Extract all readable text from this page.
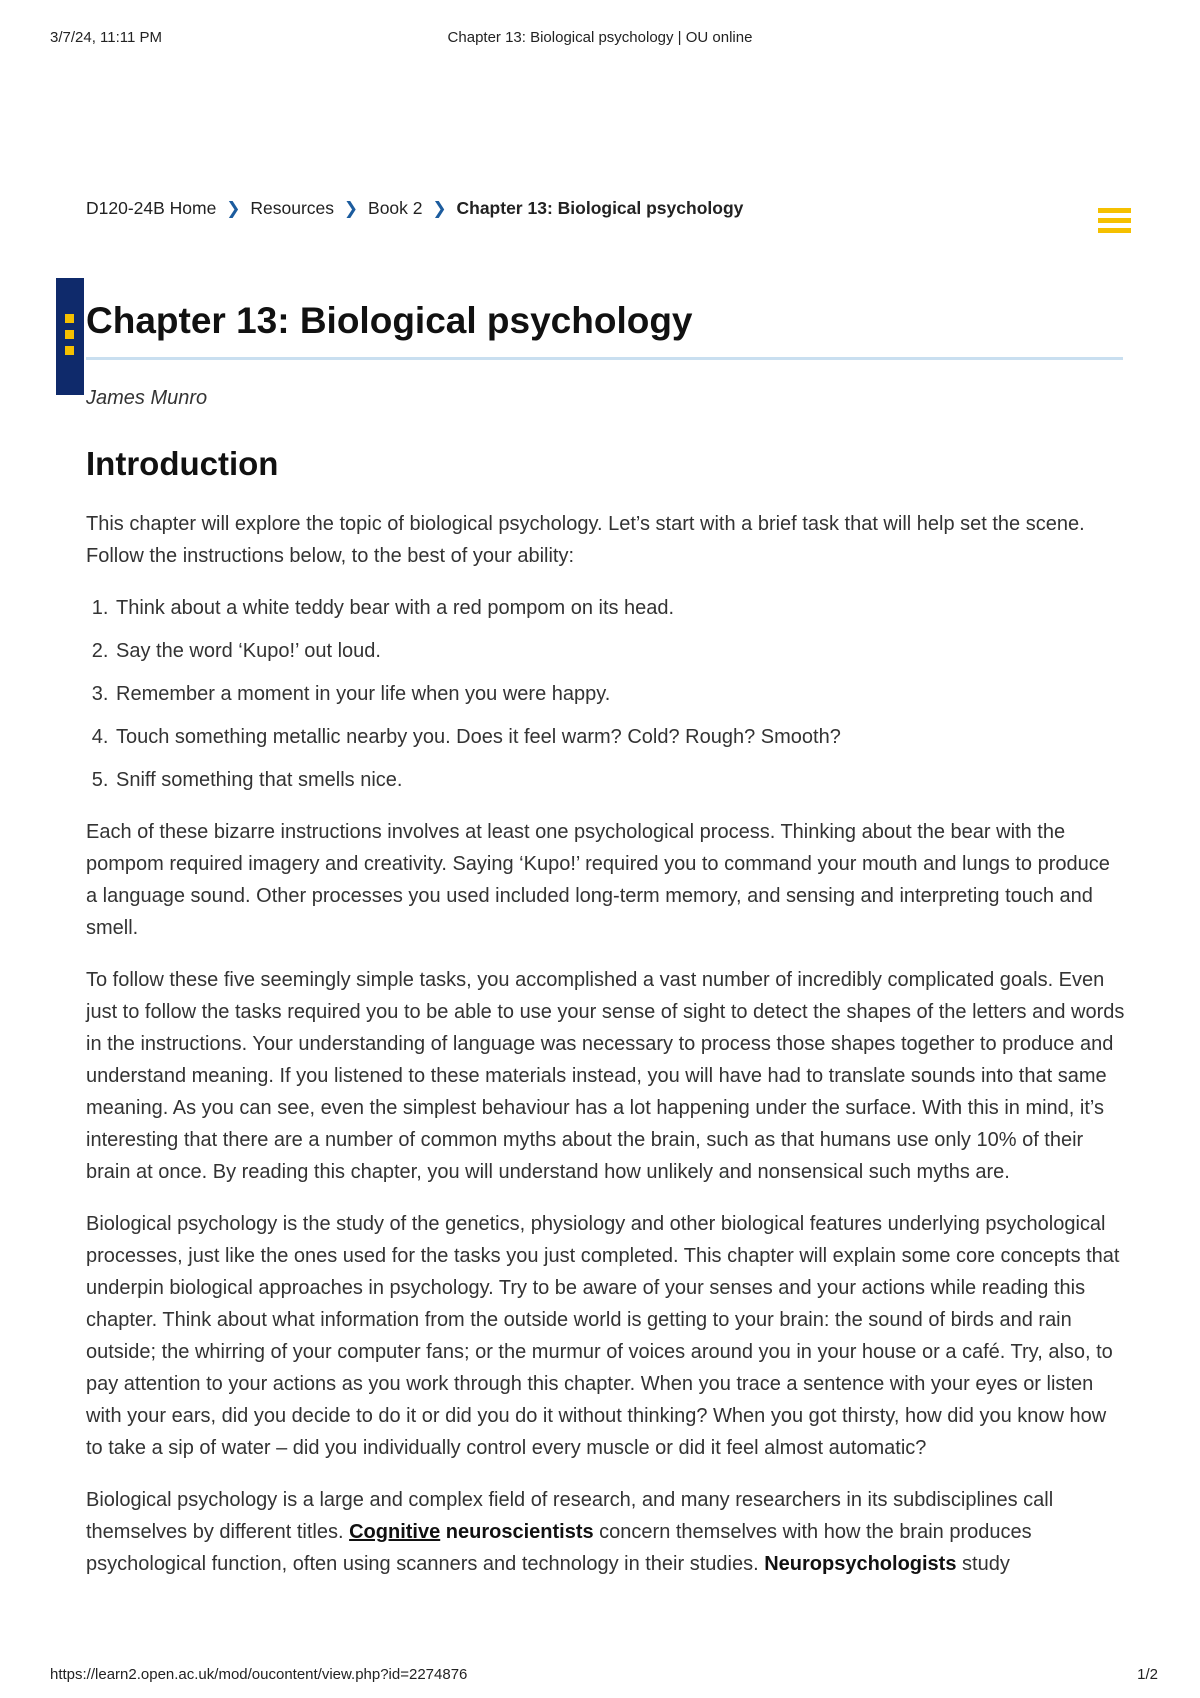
3/7/24, 11:11 PM	Chapter 13: Biological psychology | OU online
D120-24B Home ❯ Resources ❯ Book 2 ❯ Chapter 13: Biological psychology
Chapter 13: Biological psychology
James Munro
Introduction

This chapter will explore the topic of biological psychology. Let’s start with a brief task that will help set the scene. Follow the instructions below, to the best of your ability:

1. Think about a white teddy bear with a red pompom on its head.
2. Say the word ‘Kupo!’ out loud.
3. Remember a moment in your life when you were happy.
4. Touch something metallic nearby you. Does it feel warm? Cold? Rough? Smooth?
5. Sniff something that smells nice.

Each of these bizarre instructions involves at least one psychological process. Thinking about the bear with the pompom required imagery and creativity. Saying ‘Kupo!’ required you to command your mouth and lungs to produce a language sound. Other processes you used included long-term memory, and sensing and interpreting touch and smell.

To follow these five seemingly simple tasks, you accomplished a vast number of incredibly complicated goals. Even just to follow the tasks required you to be able to use your sense of sight to detect the shapes of the letters and words in the instructions. Your understanding of language was necessary to process those shapes together to produce and understand meaning. If you listened to these materials instead, you will have had to translate sounds into that same meaning. As you can see, even the simplest behaviour has a lot happening under the surface. With this in mind, it’s interesting that there are a number of common myths about the brain, such as that humans use only 10% of their brain at once. By reading this chapter, you will understand how unlikely and nonsensical such myths are.

Biological psychology is the study of the genetics, physiology and other biological features underlying psychological processes, just like the ones used for the tasks you just completed. This chapter will explain some core concepts that underpin biological approaches in psychology. Try to be aware of your senses and your actions while reading this chapter. Think about what information from the outside world is getting to your brain: the sound of birds and rain outside; the whirring of your computer fans; or the murmur of voices around you in your house or a café. Try, also, to pay attention to your actions as you work through this chapter. When you trace a sentence with your eyes or listen with your ears, did you decide to do it or did you do it without thinking? When you got thirsty, how did you know how to take a sip of water – did you individually control every muscle or did it feel almost automatic?

Biological psychology is a large and complex field of research, and many researchers in its subdisciplines call themselves by different titles. Cognitive neuroscientists concern themselves with how the brain produces psychological function, often using scanners and technology in their studies. Neuropsychologists study

https://learn2.open.ac.uk/mod/oucontent/view.php?id=2274876	1/2
